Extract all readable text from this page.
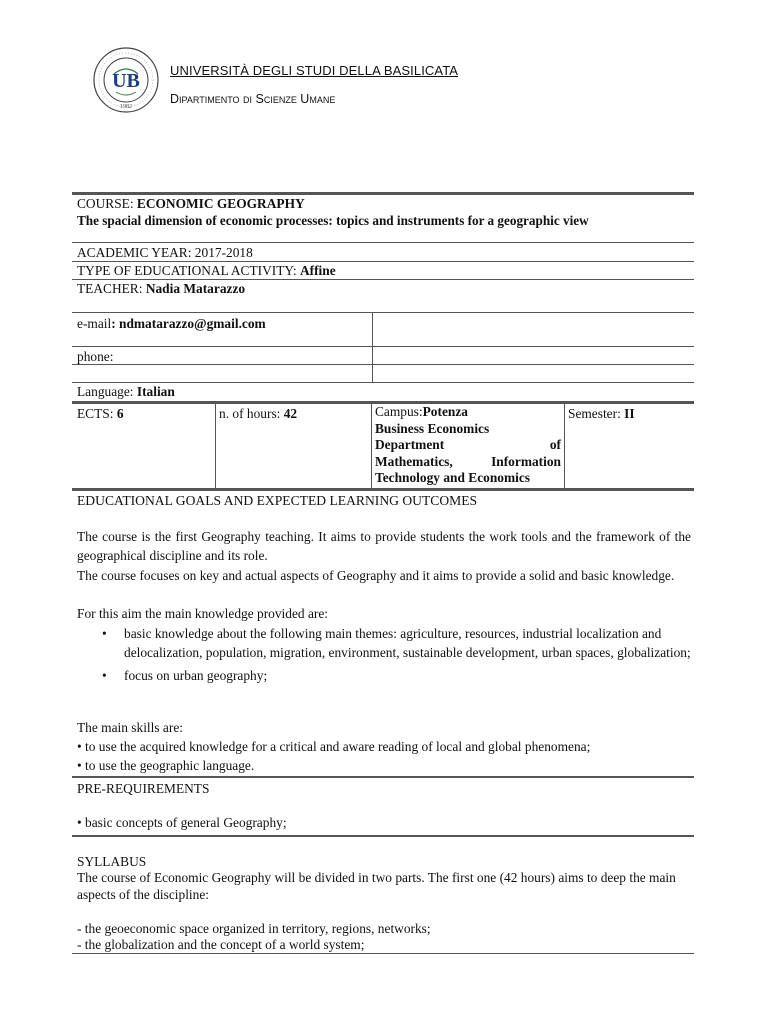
UB
1982
UNIVERSITÀ DEGLI STUDI DELLA BASILICATA
Dipartimento di Scienze Umane
COURSE: ECONOMIC GEOGRAPHY
The spacial dimension of economic processes: topics and instruments for a geographic view
ACADEMIC YEAR: 2017-2018
TYPE OF EDUCATIONAL ACTIVITY: Affine
TEACHER: Nadia Matarazzo
e-mail: ndmatarazzo@gmail.com
phone:
Language: Italian
ECTS: 6	n. of hours: 42	Campus:Potenza
Business Economics
Department of
Mathematics, Information
Technology and Economics
Semester: II
EDUCATIONAL GOALS AND EXPECTED LEARNING OUTCOMES
The course is the first Geography teaching. It aims to provide students the work tools and the framework of the geographical discipline and its role.
The course focuses on key and actual aspects of Geography and it aims to provide a solid and basic knowledge.
For this aim the main knowledge provided are:
• basic knowledge about the following main themes: agriculture, resources, industrial localization and delocalization, population, migration, environment, sustainable development, urban spaces, globalization;
• focus on urban geography;
The main skills are:
• to use the acquired knowledge for a critical and aware reading of local and global phenomena;
• to use the geographic language.
PRE-REQUIREMENTS
• basic concepts of general Geography;
SYLLABUS
The course of Economic Geography will be divided in two parts. The first one (42 hours) aims to deep the main aspects of the discipline:
- the geoeconomic space organized in territory, regions, networks;
- the globalization and the concept of a world system;
